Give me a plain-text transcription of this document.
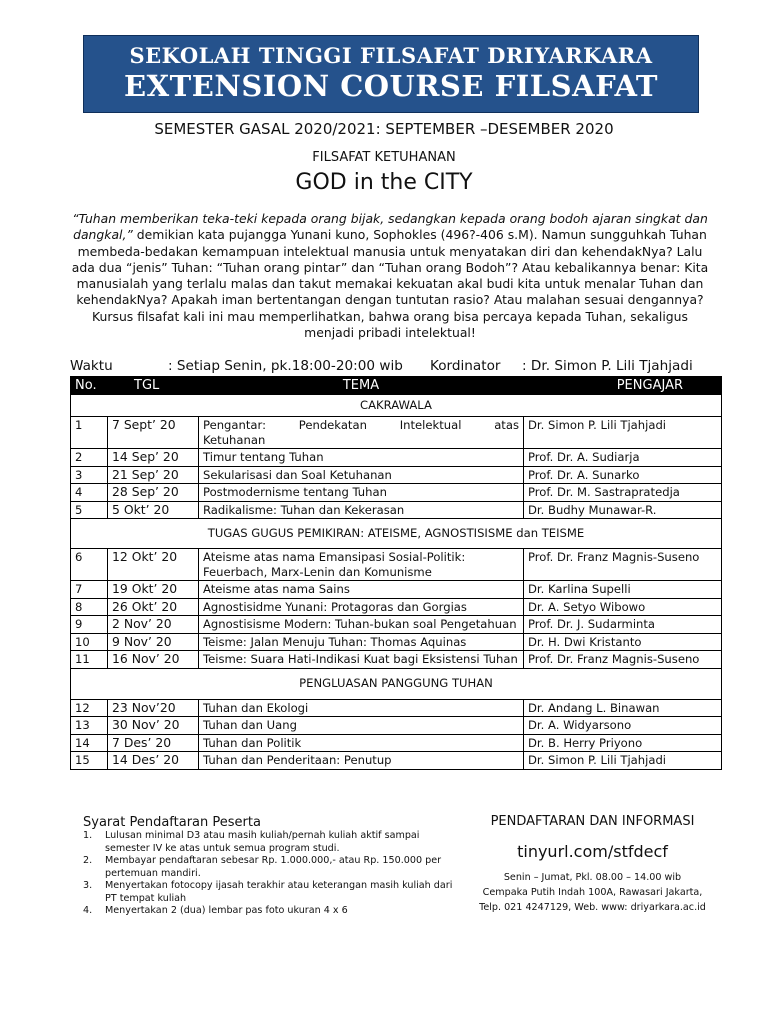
SEKOLAH TINGGI FILSAFAT DRIYARKARA
EXTENSION COURSE FILSAFAT
SEMESTER GASAL 2020/2021: SEPTEMBER –DESEMBER 2020
FILSAFAT KETUHANAN
GOD in the CITY

“Tuhan memberikan teka-teki kepada orang bijak, sedangkan kepada orang bodoh ajaran singkat dan dangkal,” demikian kata pujangga Yunani kuno, Sophokles (496?-406 s.M). Namun sungguhkah Tuhan membeda-bedakan kemampuan intelektual manusia untuk menyatakan diri dan kehendakNya? Lalu ada dua “jenis” Tuhan: “Tuhan orang pintar” dan “Tuhan orang Bodoh”? Atau kebalikannya benar: Kita manusialah yang terlalu malas dan takut memakai kekuatan akal budi kita untuk menalar Tuhan dan kehendakNya? Apakah iman bertentangan dengan tuntutan rasio? Atau malahan sesuai dengannya? Kursus filsafat kali ini mau memperlihatkan, bahwa orang bisa percaya kepada Tuhan, sekaligus menjadi pribadi intelektual!

Waktu	: Setiap Senin, pk.18:00-20:00 wib Kordinator : Dr. Simon P. Lili Tjahjadi
No.	TGL	TEMA	PENGAJAR
CAKRAWALA			
1	7 Sept’ 20	Pengantar: Pendekatan Intelektual atas
Ketuhanan	Dr. Simon P. Lili Tjahjadi
2	14 Sep’ 20	Timur tentang Tuhan	Prof. Dr. A. Sudiarja
3	21 Sep’ 20	Sekularisasi dan Soal Ketuhanan	Prof. Dr. A. Sunarko
4	28 Sep’ 20	Postmodernisme tentang Tuhan	Prof. Dr. M. Sastrapratedja
5	5 Okt’ 20	Radikalisme: Tuhan dan Kekerasan	Dr. Budhy Munawar-R.
TUGAS GUGUS PEMIKIRAN: ATEISME, AGNOSTISISME dan TEISME			
6	12 Okt’ 20	Ateisme atas nama Emansipasi Sosial-Politik: Feuerbach, Marx-Lenin dan Komunisme	Prof. Dr. Franz Magnis-Suseno
7	19 Okt’ 20	Ateisme atas nama Sains	Dr. Karlina Supelli
8	26 Okt’ 20	Agnostisidme Yunani: Protagoras dan Gorgias	Dr. A. Setyo Wibowo
9	2 Nov’ 20	Agnostisisme Modern: Tuhan-bukan soal Pengetahuan	Prof. Dr. J. Sudarminta
10	9 Nov’ 20	Teisme: Jalan Menuju Tuhan: Thomas Aquinas	Dr. H. Dwi Kristanto
11	16 Nov’ 20	Teisme: Suara Hati-Indikasi Kuat bagi Eksistensi Tuhan	Prof. Dr. Franz Magnis-Suseno
PENGLUASAN PANGGUNG TUHAN			
12	23 Nov’20	Tuhan dan Ekologi	Dr. Andang L. Binawan
13	30 Nov’ 20	Tuhan dan Uang	Dr. A. Widyarsono
14	7 Des’ 20	Tuhan dan Politik	Dr. B. Herry Priyono
15	14 Des’ 20	Tuhan dan Penderitaan: Penutup	Dr. Simon P. Lili Tjahjadi
Syarat Pendaftaran Peserta
1.	Lulusan minimal D3 atau masih kuliah/pernah kuliah aktif sampai semester IV ke atas untuk semua program studi.
2.	Membayar pendaftaran sebesar Rp. 1.000.000,- atau Rp. 150.000 per pertemuan mandiri.
3.	Menyertakan fotocopy ijasah terakhir atau keterangan masih kuliah dari PT tempat kuliah
4.	Menyertakan 2 (dua) lembar pas foto ukuran 4 x 6
PENDAFTARAN DAN INFORMASI
tinyurl.com/stfdecf
Senin – Jumat, Pkl. 08.00 – 14.00 wib
Cempaka Putih Indah 100A, Rawasari Jakarta,
Telp. 021 4247129, Web. www: driyarkara.ac.id
